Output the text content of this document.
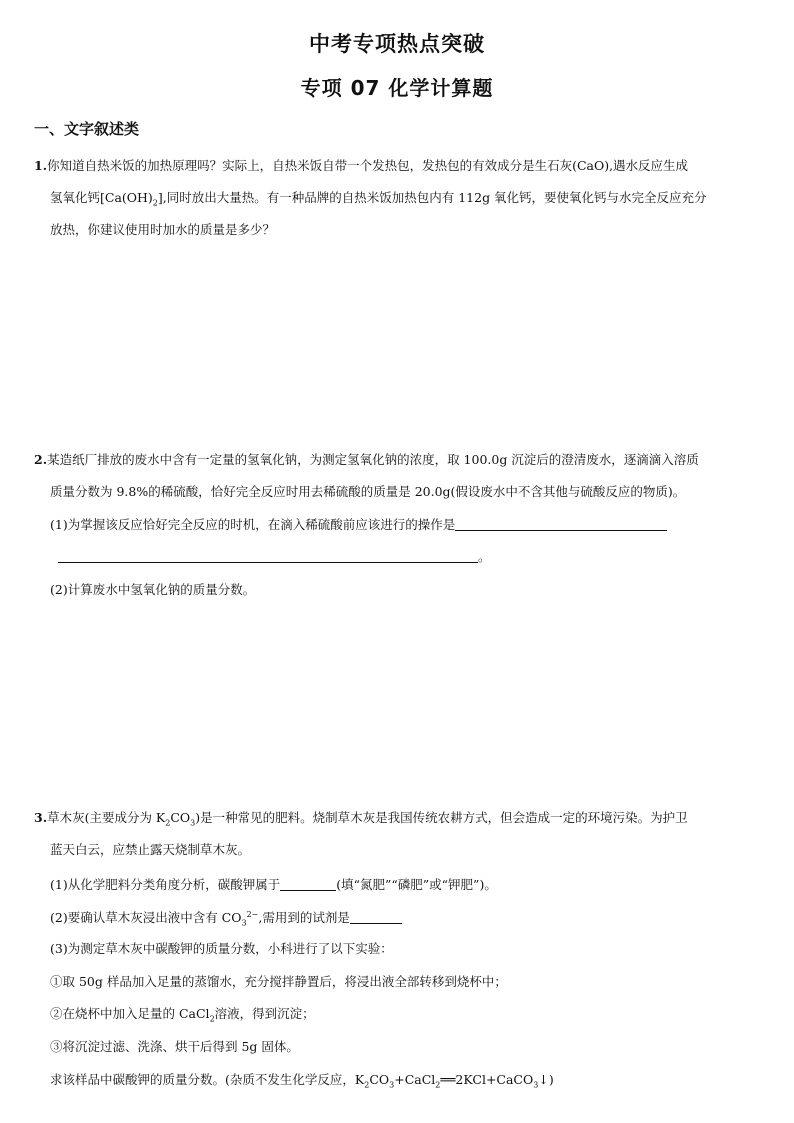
中考专项热点突破
专项 07 化学计算题
一、文字叙述类
1.你知道自热米饭的加热原理吗？实际上，自热米饭自带一个发热包，发热包的有效成分是生石灰(CaO),遇水反应生成
氢氧化钙$[Ca(OH)_2]$,同时放出大量热。有一种品牌的自热米饭加热包内有 112g 氧化钙，要使氧化钙与水完全反应充分
放热，你建议使用时加水的质量是多少？
2.某造纸厂排放的废水中含有一定量的氢氧化钠，为测定氢氧化钠的浓度，取 100.0g 沉淀后的澄清废水，逐滴滴入溶质
质量分数为 9.8%的稀硫酸，恰好完全反应时用去稀硫酸的质量是 20.0g(假设废水中不含其他与硫酸反应的物质)。
(1)为掌握该反应恰好完全反应的时机，在滴入稀硫酸前应该进行的操作是
。
(2)计算废水中氢氧化钠的质量分数。
3.草木灰(主要成分为 $K_2CO_3$)是一种常见的肥料。烧制草木灰是我国传统农耕方式，但会造成一定的环境污染。为护卫
蓝天白云，应禁止露天烧制草木灰。
(1)从化学肥料分类角度分析，碳酸钾属于	(填“氮肥”“磷肥”或“钾肥”)。
(2)要确认草木灰浸出液中含有 $CO_3^{2-}$,需用到的试剂是
(3)为测定草木灰中碳酸钾的质量分数，小科进行了以下实验：
①取 50g 样品加入足量的蒸馏水，充分搅拌静置后，将浸出液全部转移到烧杯中；
②在烧杯中加入足量的 CaCl$_2$溶液，得到沉淀；
③将沉淀过滤、洗涤、烘干后得到 5g 固体。
求该样品中碳酸钾的质量分数。(杂质不发生化学反应，$K_2CO_3+CaCl_2══2KCl+CaCO_3↓$)
